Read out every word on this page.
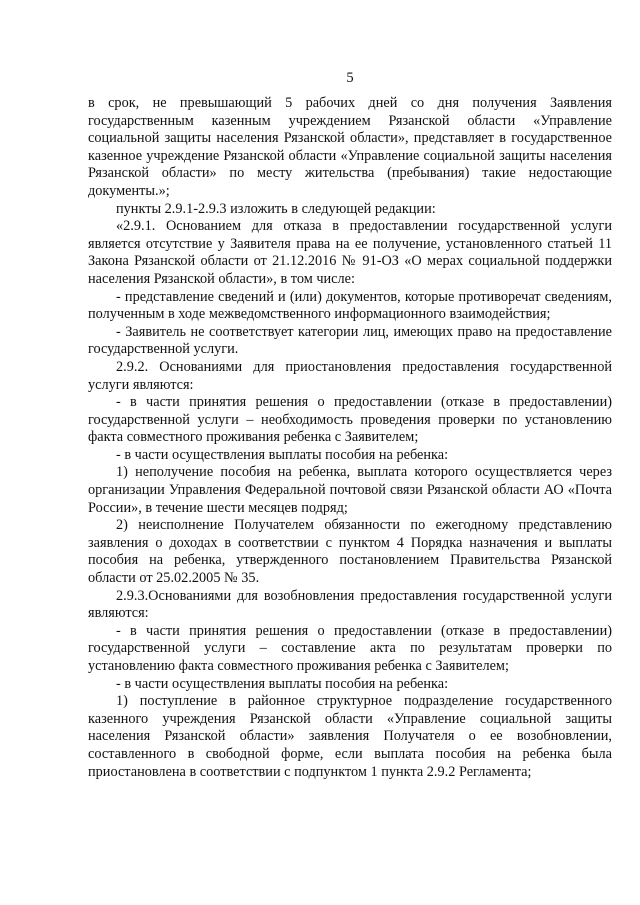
5

в срок, не превышающий 5 рабочих дней со дня получения Заявления государственным казенным учреждением Рязанской области «Управление социальной защиты населения Рязанской области», представляет в государственное казенное учреждение Рязанской области «Управление социальной защиты населения Рязанской области» по месту жительства (пребывания) такие недостающие документы.»;

пункты 2.9.1-2.9.3 изложить в следующей редакции:

«2.9.1. Основанием для отказа в предоставлении государственной услуги является отсутствие у Заявителя права на ее получение, установленного статьей 11 Закона Рязанской области от 21.12.2016 № 91-ОЗ «О мерах социальной поддержки населения Рязанской области», в том числе:

- представление сведений и (или) документов, которые противоречат сведениям, полученным в ходе межведомственного информационного взаимодействия;

- Заявитель не соответствует категории лиц, имеющих право на предоставление государственной услуги.

2.9.2. Основаниями для приостановления предоставления государственной услуги являются:

- в части принятия решения о предоставлении (отказе в предоставлении) государственной услуги – необходимость проведения проверки по установлению факта совместного проживания ребенка с Заявителем;

- в части осуществления выплаты пособия на ребенка:

1) неполучение пособия на ребенка, выплата которого осуществляется через организации Управления Федеральной почтовой связи Рязанской области АО «Почта России», в течение шести месяцев подряд;

2) неисполнение Получателем обязанности по ежегодному представлению заявления о доходах в соответствии с пунктом 4 Порядка назначения и выплаты пособия на ребенка, утвержденного постановлением Правительства Рязанской области от 25.02.2005 № 35.

2.9.3.Основаниями для возобновления предоставления государственной услуги являются:

- в части принятия решения о предоставлении (отказе в предоставлении) государственной услуги – составление акта по результатам проверки по установлению факта совместного проживания ребенка с Заявителем;

- в части осуществления выплаты пособия на ребенка:

1) поступление в районное структурное подразделение государственного казенного учреждения Рязанской области «Управление социальной защиты населения Рязанской области» заявления Получателя о ее возобновлении, составленного в свободной форме, если выплата пособия на ребенка была приостановлена в соответствии с подпунктом 1 пункта 2.9.2 Регламента;
